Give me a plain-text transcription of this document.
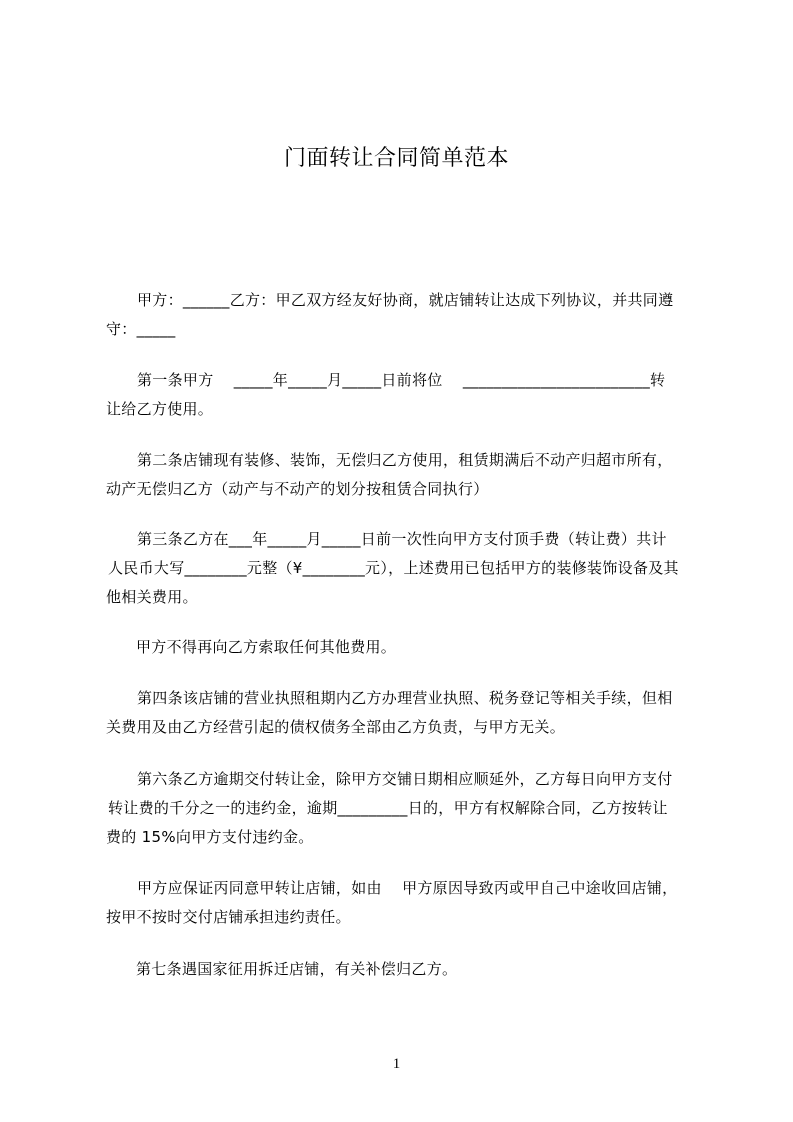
门面转让合同简单范本
甲方：______乙方：甲乙双方经友好协商，就店铺转让达成下列协议，并共同遵
守：_____
第一条甲方    _____年_____月_____日前将位    ________________________转
让给乙方使用。
第二条店铺现有装修、装饰，无偿归乙方使用，租赁期满后不动产归超市所有，
动产无偿归乙方（动产与不动产的划分按租赁合同执行）
第三条乙方在___年_____月_____日前一次性向甲方支付顶手费（转让费）共计
人民币大写________元整（¥________元），上述费用已包括甲方的装修装饰设备及其
他相关费用。
甲方不得再向乙方索取任何其他费用。
第四条该店铺的营业执照租期内乙方办理营业执照、税务登记等相关手续，但相
关费用及由乙方经营引起的债权债务全部由乙方负责，与甲方无关。
第六条乙方逾期交付转让金，除甲方交铺日期相应顺延外，乙方每日向甲方支付
转让费的千分之一的违约金，逾期_________日的，甲方有权解除合同，乙方按转让
费的 15%向甲方支付违约金。
甲方应保证丙同意甲转让店铺，如由    甲方原因导致丙或甲自己中途收回店铺，
按甲不按时交付店铺承担违约责任。
第七条遇国家征用拆迁店铺，有关补偿归乙方。
1
